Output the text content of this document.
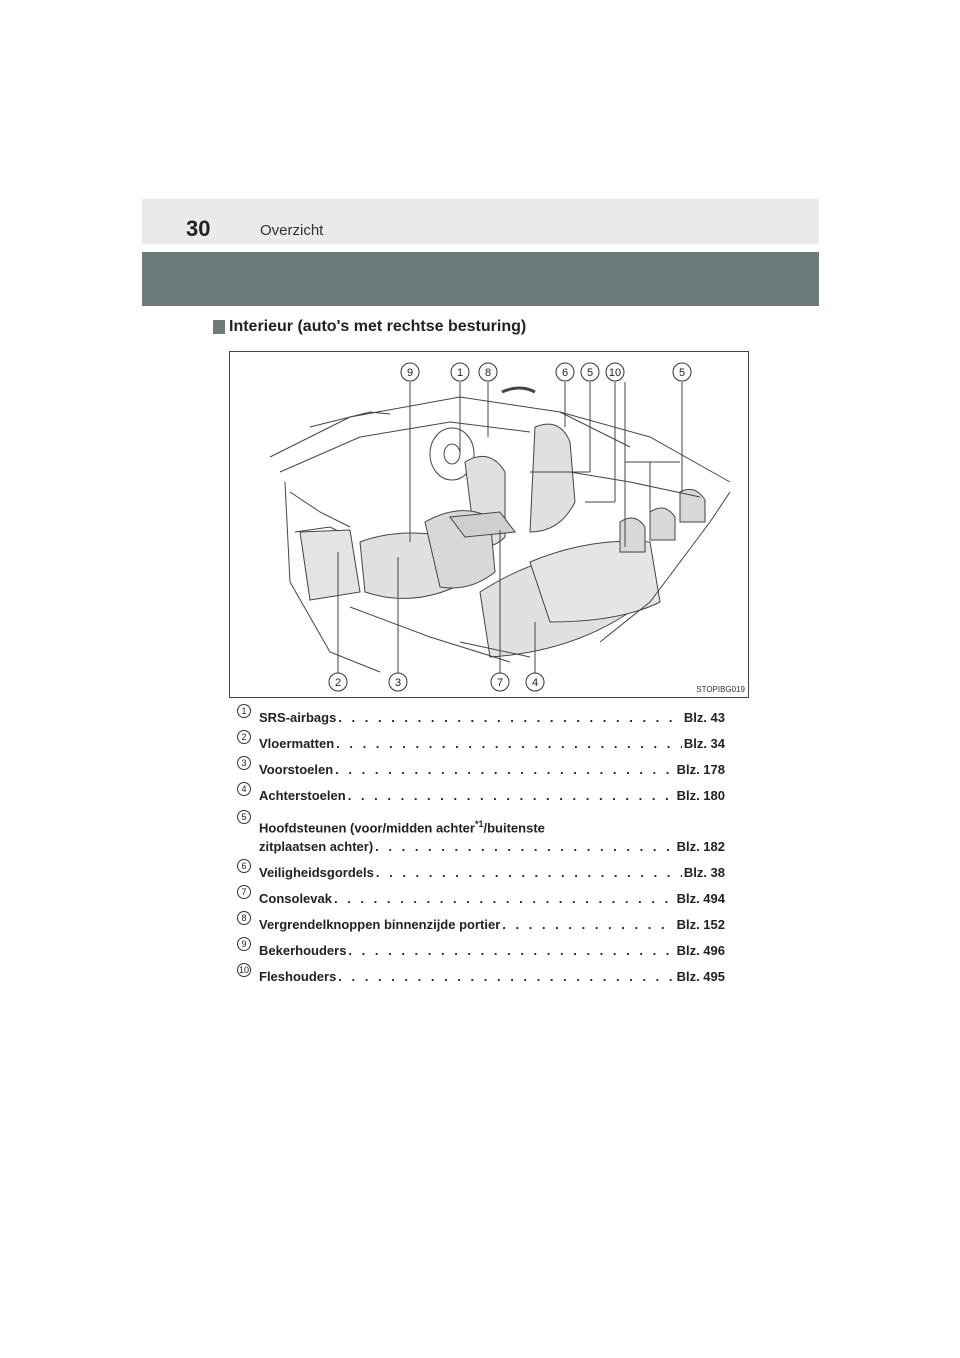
30	Overzicht
Interieur (auto's met rechtse besturing)
9	1 8	6 5 10	5
2	3	7	4
STOPIBG019
1 SRS-airbags . . .	Blz. 43
2 Vloermatten . . .	Blz. 34
3 Voorstoelen . . .	Blz. 178
4 Achterstoelen . . .	Blz. 180
5
Hoofdsteunen (voor/midden achter$^{*1}$/buitenste
zitplaatsen achter) . . .	Blz. 182
6 Veiligheidsgordels . . .	Blz. 38
7 Consolevak . . .	Blz. 494
8 Vergrendelknoppen binnenzijde portier . . .	Blz. 152
9 Bekerhouders . . .	Blz. 496
10 Fleshouders . . .	Blz. 495
